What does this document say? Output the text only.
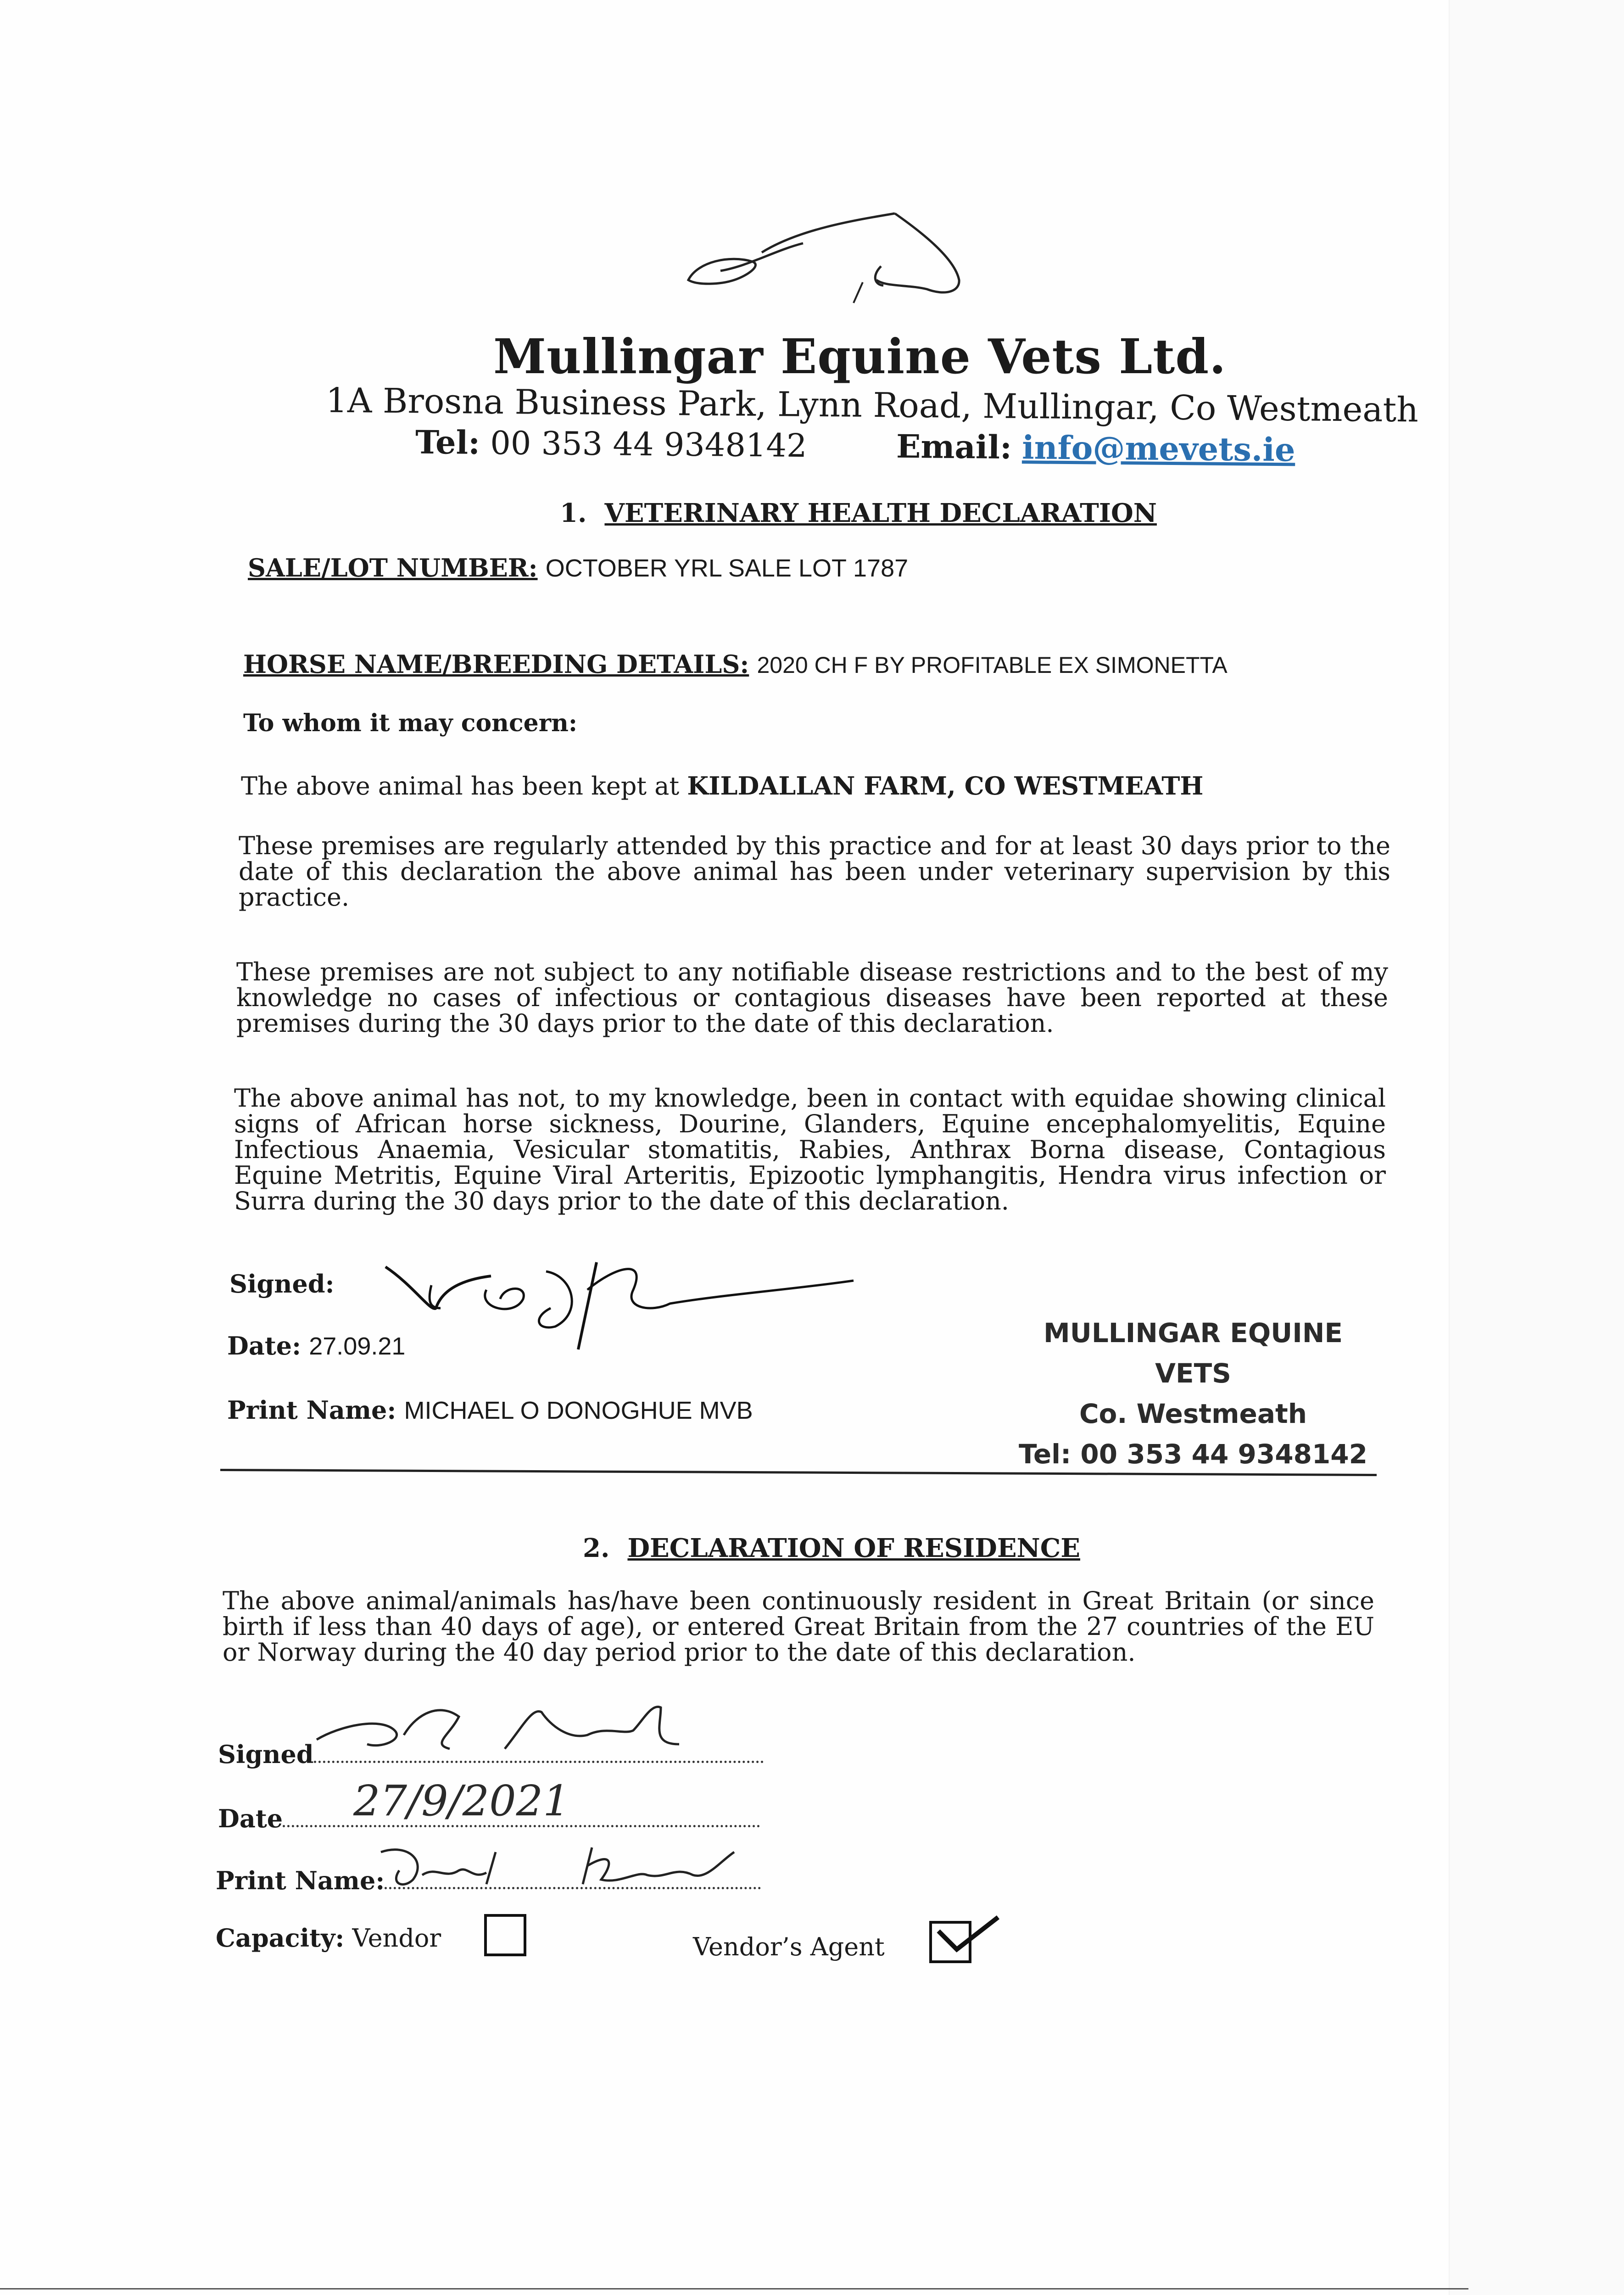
Mullingar Equine Vets Ltd.
1A Brosna Business Park, Lynn Road, Mullingar, Co Westmeath
Tel: 00 353 44 9348142	Email: info@mevets.ie
1. VETERINARY HEALTH DECLARATION
SALE/LOT NUMBER: OCTOBER YRL SALE LOT 1787
HORSE NAME/BREEDING DETAILS: 2020 CH F BY PROFITABLE EX SIMONETTA
To whom it may concern:
The above animal has been kept at KILDALLAN FARM, CO WESTMEATH
These premises are regularly attended by this practice and for at least 30 days prior to the date of this declaration the above animal has been under veterinary supervision by this practice.
These premises are not subject to any notifiable disease restrictions and to the best of my knowledge no cases of infectious or contagious diseases have been reported at these premises during the 30 days prior to the date of this declaration.
The above animal has not, to my knowledge, been in contact with equidae showing clinical signs of African horse sickness, Dourine, Glanders, Equine encephalomyelitis, Equine Infectious Anaemia, Vesicular stomatitis, Rabies, Anthrax Borna disease, Contagious Equine Metritis, Equine Viral Arteritis, Epizootic lymphangitis, Hendra virus infection or Surra during the 30 days prior to the date of this declaration.
Signed:
Date: 27.09.21
Print Name: MICHAEL O DONOGHUE MVB
MULLINGAR EQUINE VETS
Co. Westmeath
Tel: 00 353 44 9348142
2. DECLARATION OF RESIDENCE
The above animal/animals has/have been continuously resident in Great Britain (or since birth if less than 40 days of age), or entered Great Britain from the 27 countries of the EU or Norway during the 40 day period prior to the date of this declaration.
Signed
Date	27/9/2021
Print Name:
Capacity: Vendor	Vendor’s Agent
